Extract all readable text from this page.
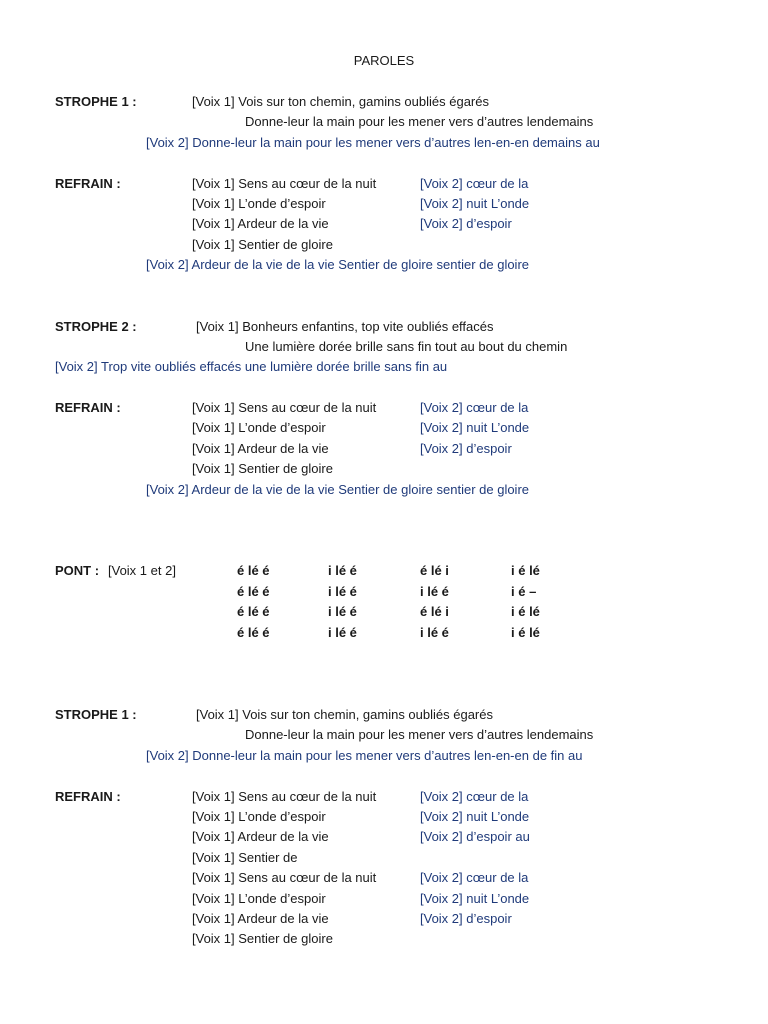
PAROLES
STROPHE 1 :	[Voix 1] Vois sur ton chemin, gamins oubliés égarés
Donne-leur la main pour les mener vers d’autres lendemains
[Voix 2] Donne-leur la main pour les mener vers d’autres len-en-en demains au
REFRAIN :	[Voix 1] Sens au cœur de la nuit	[Voix 2] cœur de la
[Voix 1] L’onde d’espoir	[Voix 2] nuit L’onde
[Voix 1] Ardeur de la vie	[Voix 2] d’espoir
[Voix 1] Sentier de gloire
[Voix 2] Ardeur de la vie de la vie Sentier de gloire sentier de gloire
STROPHE 2 :	[Voix 1] Bonheurs enfantins, top vite oubliés effacés
Une lumière dorée brille sans fin tout au bout du chemin
[Voix 2] Trop vite oubliés effacés une lumière dorée brille sans fin au
REFRAIN :	[Voix 1] Sens au cœur de la nuit	[Voix 2] cœur de la
[Voix 1] L’onde d’espoir	[Voix 2] nuit L’onde
[Voix 1] Ardeur de la vie	[Voix 2] d’espoir
[Voix 1] Sentier de gloire
[Voix 2] Ardeur de la vie de la vie Sentier de gloire sentier de gloire
PONT : [Voix 1 et 2]	é lé é	i lé é	é lé i	i é lé
é lé é	i lé é	i lé é	i é –
é lé é	i lé é	é lé i	i é lé
é lé é	i lé é	i lé é	i é lé
STROPHE 1 :	[Voix 1] Vois sur ton chemin, gamins oubliés égarés
Donne-leur la main pour les mener vers d’autres lendemains
[Voix 2] Donne-leur la main pour les mener vers d’autres len-en-en de fin au
REFRAIN :	[Voix 1] Sens au cœur de la nuit	[Voix 2] cœur de la
[Voix 1] L’onde d’espoir	[Voix 2] nuit L’onde
[Voix 1] Ardeur de la vie	[Voix 2] d’espoir au
[Voix 1] Sentier de
[Voix 1] Sens au cœur de la nuit	[Voix 2] cœur de la
[Voix 1] L’onde d’espoir	[Voix 2] nuit L’onde
[Voix 1] Ardeur de la vie	[Voix 2] d’espoir
[Voix 1] Sentier de gloire
